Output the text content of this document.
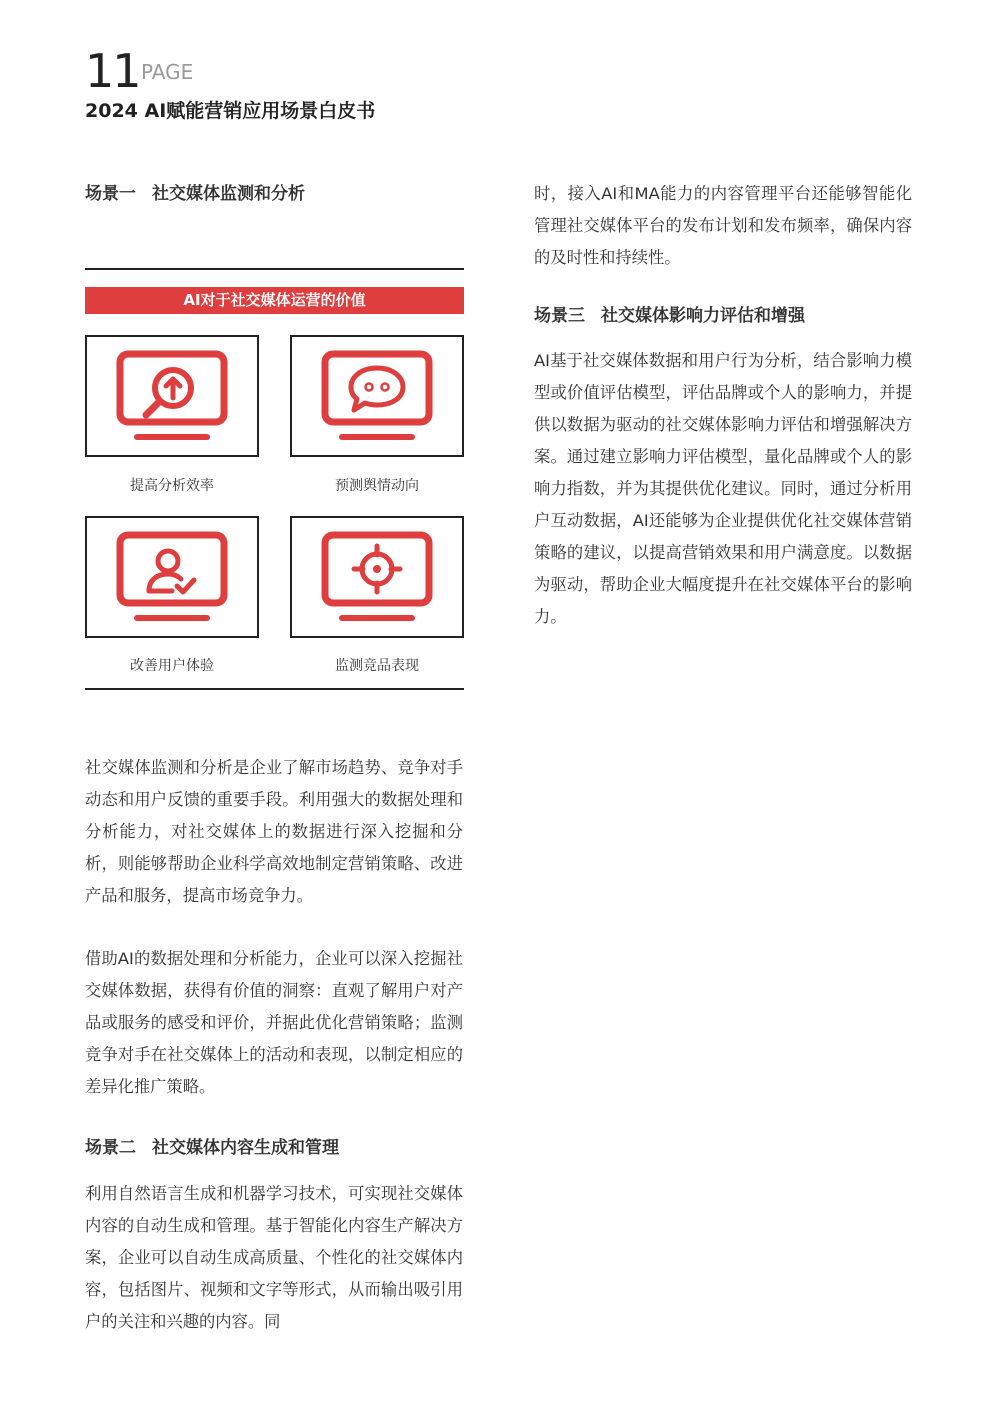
11 PAGE
2024 AI赋能营销应用场景白皮书
场景一 社交媒体监测和分析
AI对于社交媒体运营的价值
提高分析效率	预测舆情动向
改善用户体验	监测竞品表现
社交媒体监测和分析是企业了解市场趋势、竞争对手动态和用户反馈的重要手段。利用强大的数据处理和分析能力，对社交媒体上的数据进行深入挖掘和分析，则能够帮助企业科学高效地制定营销策略、改进产品和服务，提高市场竞争力。
借助AI的数据处理和分析能力，企业可以深入挖掘社交媒体数据，获得有价值的洞察：直观了解用户对产品或服务的感受和评价，并据此优化营销策略；监测竞争对手在社交媒体上的活动和表现，以制定相应的差异化推广策略。
场景二 社交媒体内容生成和管理
利用自然语言生成和机器学习技术，可实现社交媒体内容的自动生成和管理。基于智能化内容生产解决方案，企业可以自动生成高质量、个性化的社交媒体内容，包括图片、视频和文字等形式，从而输出吸引用户的关注和兴趣的内容。同
时，接入AI和MA能力的内容管理平台还能够智能化管理社交媒体平台的发布计划和发布频率，确保内容的及时性和持续性。
场景三 社交媒体影响力评估和增强
AI基于社交媒体数据和用户行为分析，结合影响力模型或价值评估模型，评估品牌或个人的影响力，并提供以数据为驱动的社交媒体影响力评估和增强解决方案。通过建立影响力评估模型，量化品牌或个人的影响力指数，并为其提供优化建议。同时，通过分析用户互动数据，AI还能够为企业提供优化社交媒体营销策略的建议，以提高营销效果和用户满意度。以数据为驱动，帮助企业大幅度提升在社交媒体平台的影响力。
